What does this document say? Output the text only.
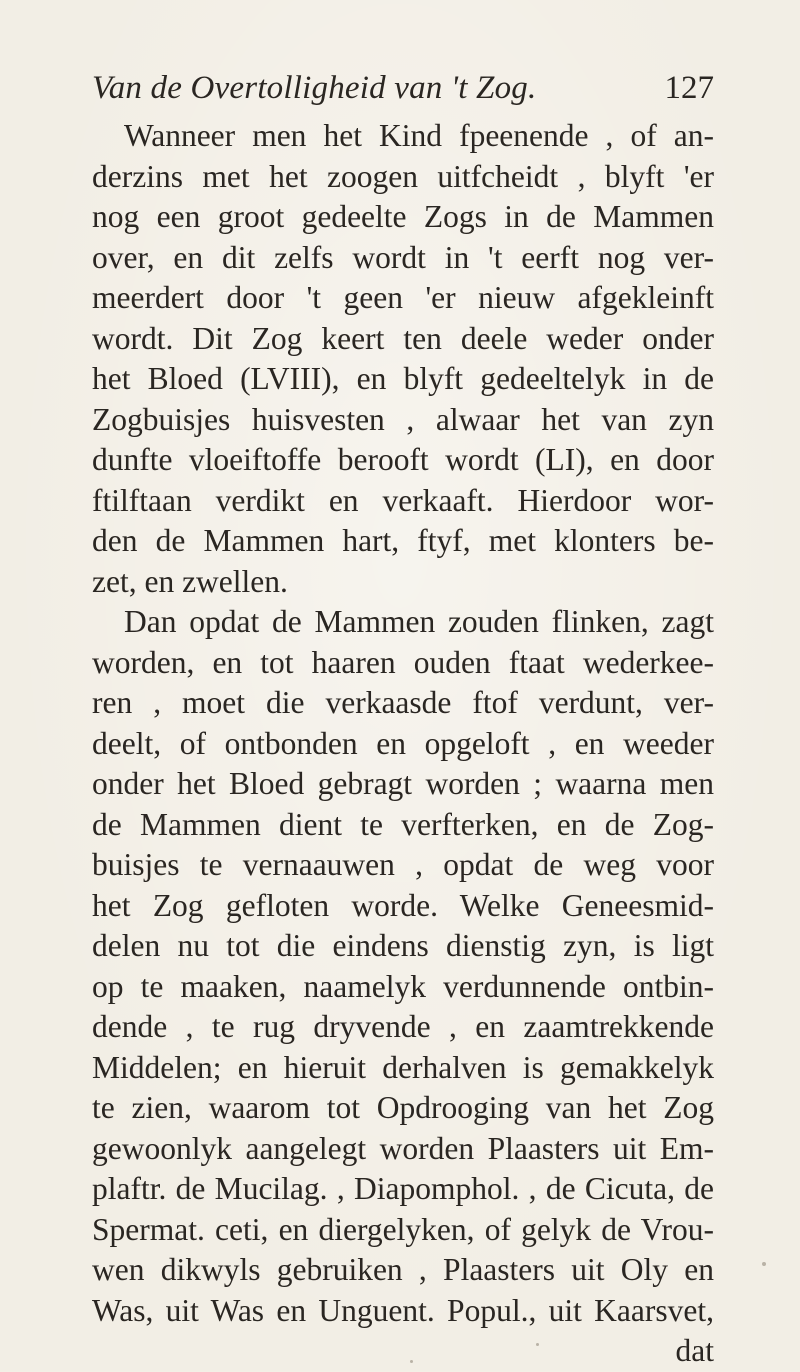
Van de Overtolligheid van 't Zog.	127
Wanneer men het Kind fpeenende , of an-
derzins met het zoogen uitfcheidt , blyft 'er
nog een groot gedeelte Zogs in de Mammen
over, en dit zelfs wordt in 't eerft nog ver-
meerdert door 't geen 'er nieuw afgekleinft
wordt. Dit Zog keert ten deele weder onder
het Bloed (LVIII), en blyft gedeeltelyk in de
Zogbuisjes huisvesten , alwaar het van zyn
dunfte vloeiftoffe berooft wordt (LI), en door
ftilftaan verdikt en verkaaft. Hierdoor wor-
den de Mammen hart, ftyf, met klonters be-
zet, en zwellen.
Dan opdat de Mammen zouden flinken, zagt
worden, en tot haaren ouden ftaat wederkee-
ren , moet die verkaasde ftof verdunt, ver-
deelt, of ontbonden en opgeloft , en weeder
onder het Bloed gebragt worden ; waarna men
de Mammen dient te verfterken, en de Zog-
buisjes te vernaauwen , opdat de weg voor
het Zog gefloten worde. Welke Geneesmid-
delen nu tot die eindens dienstig zyn, is ligt
op te maaken, naamelyk verdunnende ontbin-
dende , te rug dryvende , en zaamtrekkende
Middelen; en hieruit derhalven is gemakkelyk
te zien, waarom tot Opdrooging van het Zog
gewoonlyk aangelegt worden Plaasters uit Em-
plaftr. de Mucilag. , Diapomphol. , de Cicuta, de
Spermat. ceti, en diergelyken, of gelyk de Vrou-
wen dikwyls gebruiken , Plaasters uit Oly en
Was, uit Was en Unguent. Popul., uit Kaarsvet,
dat
